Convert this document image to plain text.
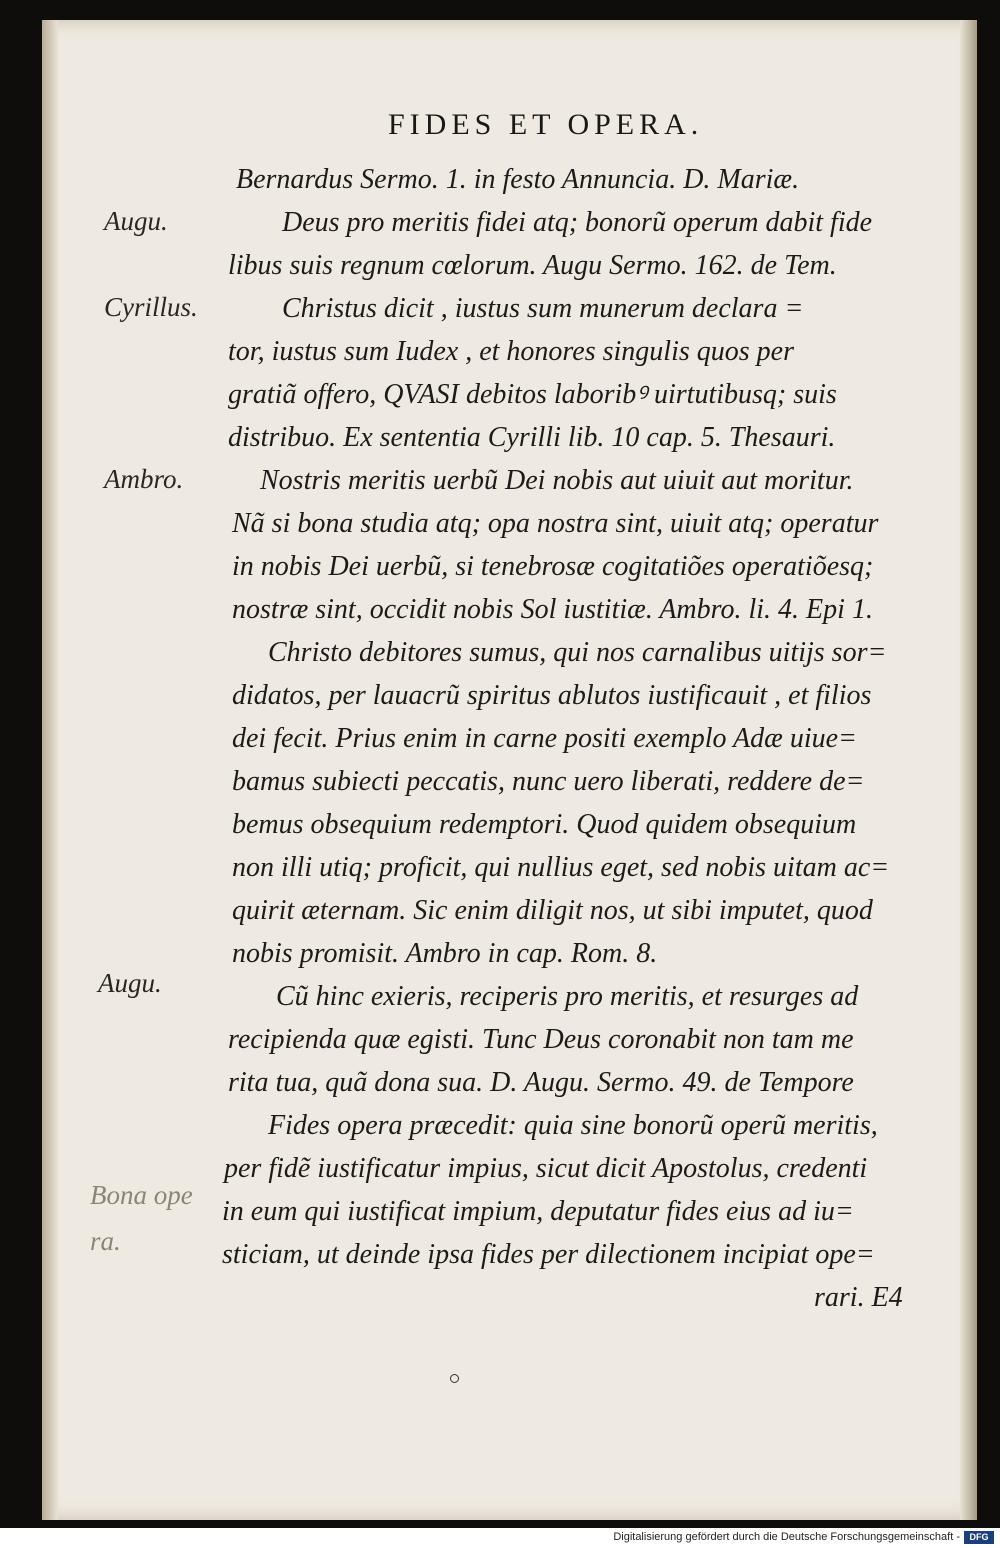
FIDES ET OPERA.
Bernardus Sermo. 1. in festo Annuncia. D. Mariæ.
Deus pro meritis fidei atq; bonorũ operum dabit fide
libus suis regnum cœlorum. Augu Sermo. 162. de Tem.
Christus dicit , iustus sum munerum declara =
tor, iustus sum Iudex , et honores singulis quos per
gratiã offero, QVASI debitos laboribꝰ uirtutibusq; suis
distribuo. Ex sententia Cyrilli lib. 10 cap. 5. Thesauri.
Nostris meritis uerbũ Dei nobis aut uiuit aut moritur.
Nã si bona studia atq; opa nostra sint, uiuit atq; operatur
in nobis Dei uerbũ, si tenebrosæ cogitatiões operatiõesq;
nostræ sint, occidit nobis Sol iustitiæ. Ambro. li. 4. Epi 1.
Christo debitores sumus, qui nos carnalibus uitijs sor=
didatos, per lauacrũ spiritus ablutos iustificauit , et filios
dei fecit. Prius enim in carne positi exemplo Adæ uiue=
bamus subiecti peccatis, nunc uero liberati, reddere de=
bemus obsequium redemptori. Quod quidem obsequium
non illi utiq; proficit, qui nullius eget, sed nobis uitam ac=
quirit æternam. Sic enim diligit nos, ut sibi imputet, quod
nobis promisit. Ambro in cap. Rom. 8.
Cũ hinc exieris, reciperis pro meritis, et resurges ad
recipienda quæ egisti. Tunc Deus coronabit non tam me
rita tua, quã dona sua. D. Augu. Sermo. 49. de Tempore
Fides opera præcedit: quia sine bonorũ operũ meritis,
per fidẽ iustificatur impius, sicut dicit Apostolus, credenti
in eum qui iustificat impium, deputatur fides eius ad iu=
sticiam, ut deinde ipsa fides per dilectionem incipiat ope=
rari. E4
Augu.
Cyrillus.
Ambro.
Augu.
Bona ope
ra.
Digitalisierung gefördert durch die Deutsche Forschungsgemeinschaft -	DFG
